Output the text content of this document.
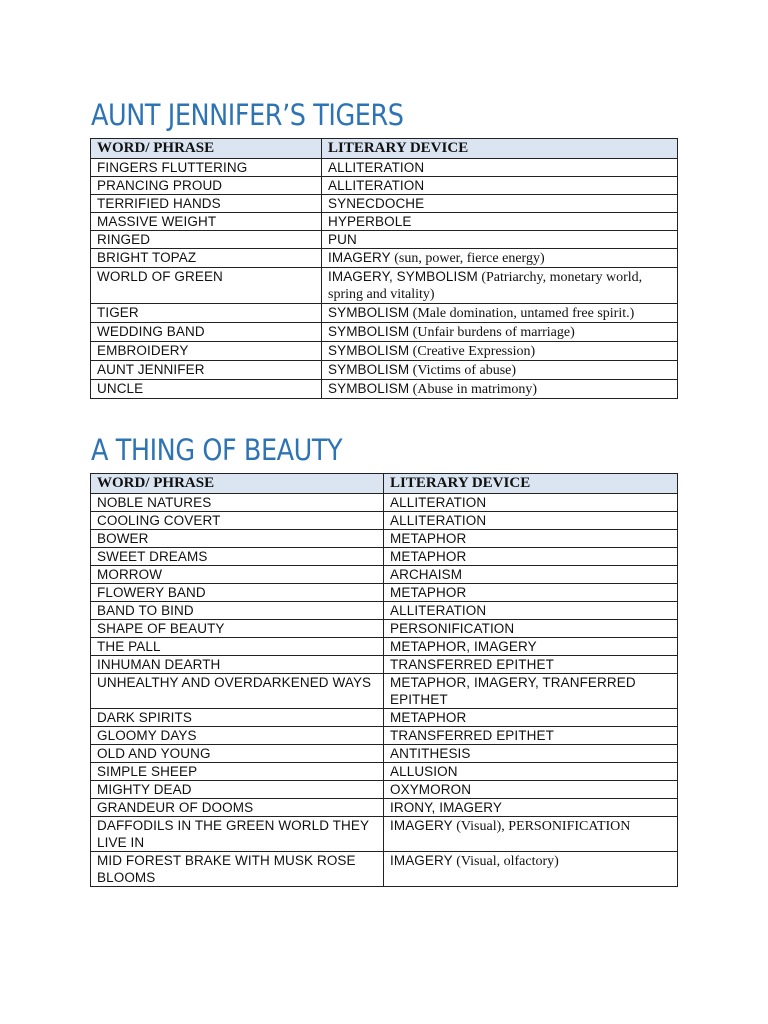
AUNT JENNIFER’S TIGERS
WORD/ PHRASE	LITERARY DEVICE
FINGERS FLUTTERING	ALLITERATION
PRANCING PROUD	ALLITERATION
TERRIFIED HANDS	SYNECDOCHE
MASSIVE WEIGHT	HYPERBOLE
RINGED	PUN
BRIGHT TOPAZ	IMAGERY (sun, power, fierce energy)
WORLD OF GREEN	IMAGERY, SYMBOLISM (Patriarchy, monetary world, spring and vitality)
TIGER	SYMBOLISM (Male domination, untamed free spirit.)
WEDDING BAND	SYMBOLISM (Unfair burdens of marriage)
EMBROIDERY	SYMBOLISM (Creative Expression)
AUNT JENNIFER	SYMBOLISM (Victims of abuse)
UNCLE	SYMBOLISM (Abuse in matrimony)
A THING OF BEAUTY
WORD/ PHRASE	LITERARY DEVICE
NOBLE NATURES	ALLITERATION
COOLING COVERT	ALLITERATION
BOWER	METAPHOR
SWEET DREAMS	METAPHOR
MORROW	ARCHAISM
FLOWERY BAND	METAPHOR
BAND TO BIND	ALLITERATION
SHAPE OF BEAUTY	PERSONIFICATION
THE PALL	METAPHOR, IMAGERY
INHUMAN DEARTH	TRANSFERRED EPITHET
UNHEALTHY AND OVERDARKENED WAYS	METAPHOR, IMAGERY, TRANFERRED EPITHET
DARK SPIRITS	METAPHOR
GLOOMY DAYS	TRANSFERRED EPITHET
OLD AND YOUNG	ANTITHESIS
SIMPLE SHEEP	ALLUSION
MIGHTY DEAD	OXYMORON
GRANDEUR OF DOOMS	IRONY, IMAGERY
DAFFODILS IN THE GREEN WORLD THEY LIVE IN	IMAGERY (Visual), PERSONIFICATION
MID FOREST BRAKE WITH MUSK ROSE BLOOMS	IMAGERY (Visual, olfactory)
